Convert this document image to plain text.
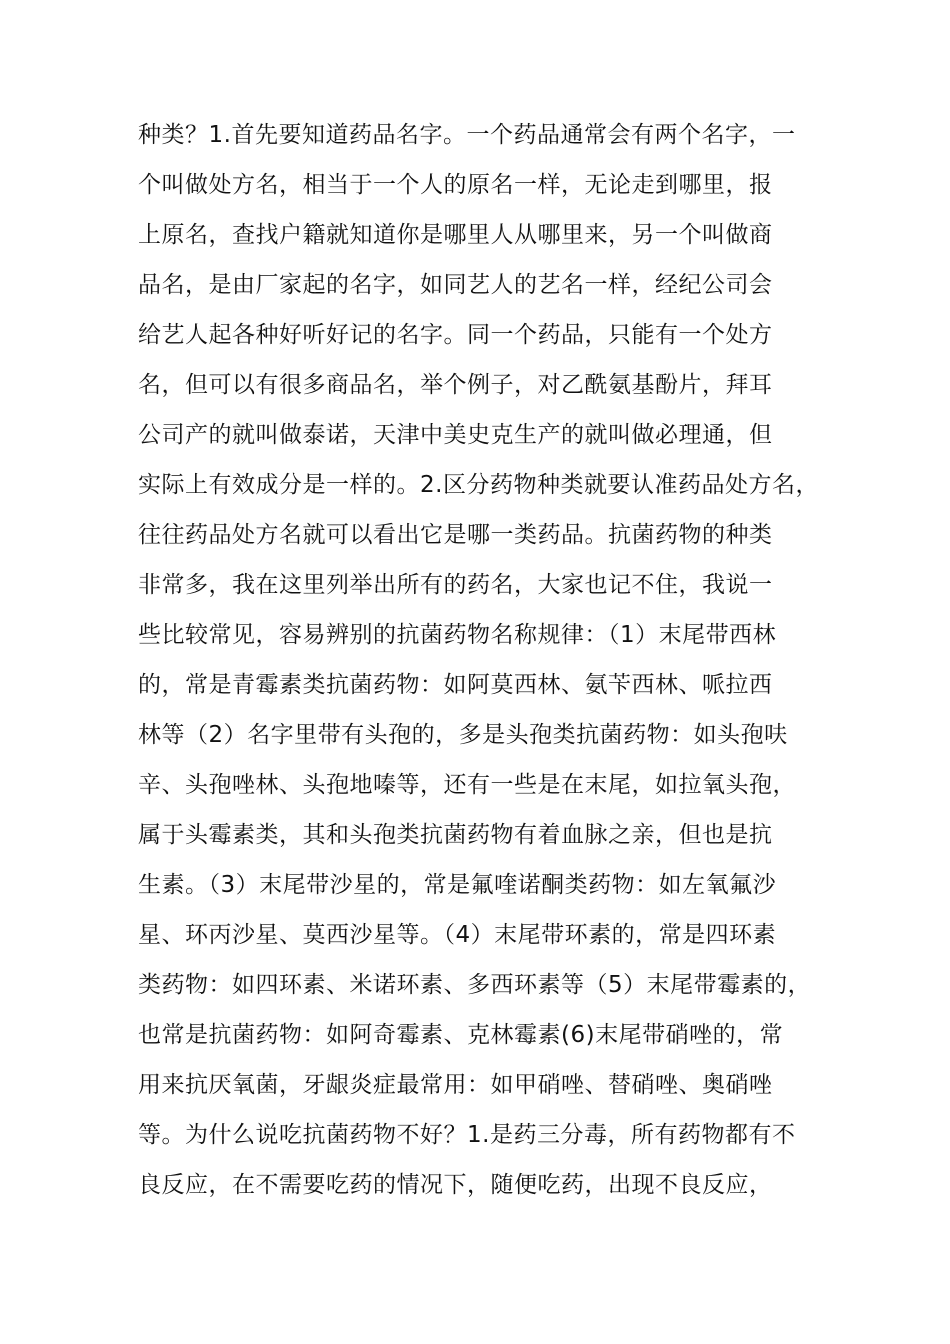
种类？1.首先要知道药品名字。一个药品通常会有两个名字，一
个叫做处方名，相当于一个人的原名一样，无论走到哪里，报
上原名，查找户籍就知道你是哪里人从哪里来，另一个叫做商
品名，是由厂家起的名字，如同艺人的艺名一样，经纪公司会
给艺人起各种好听好记的名字。同一个药品，只能有一个处方
名，但可以有很多商品名，举个例子，对乙酰氨基酚片，拜耳
公司产的就叫做泰诺，天津中美史克生产的就叫做必理通，但
实际上有效成分是一样的。2.区分药物种类就要认准药品处方名，
往往药品处方名就可以看出它是哪一类药品。抗菌药物的种类
非常多，我在这里列举出所有的药名，大家也记不住，我说一
些比较常见，容易辨别的抗菌药物名称规律：（1）末尾带西林
的，常是青霉素类抗菌药物：如阿莫西林、氨苄西林、哌拉西
林等（2）名字里带有头孢的，多是头孢类抗菌药物：如头孢呋
辛、头孢唑林、头孢地嗪等，还有一些是在末尾，如拉氧头孢，
属于头霉素类，其和头孢类抗菌药物有着血脉之亲，但也是抗
生素。（3）末尾带沙星的，常是氟喹诺酮类药物：如左氧氟沙
星、环丙沙星、莫西沙星等。（4）末尾带环素的，常是四环素
类药物：如四环素、米诺环素、多西环素等（5）末尾带霉素的，
也常是抗菌药物：如阿奇霉素、克林霉素(6)末尾带硝唑的，常
用来抗厌氧菌，牙龈炎症最常用：如甲硝唑、替硝唑、奥硝唑
等。为什么说吃抗菌药物不好？1.是药三分毒，所有药物都有不
良反应，在不需要吃药的情况下，随便吃药，出现不良反应，
